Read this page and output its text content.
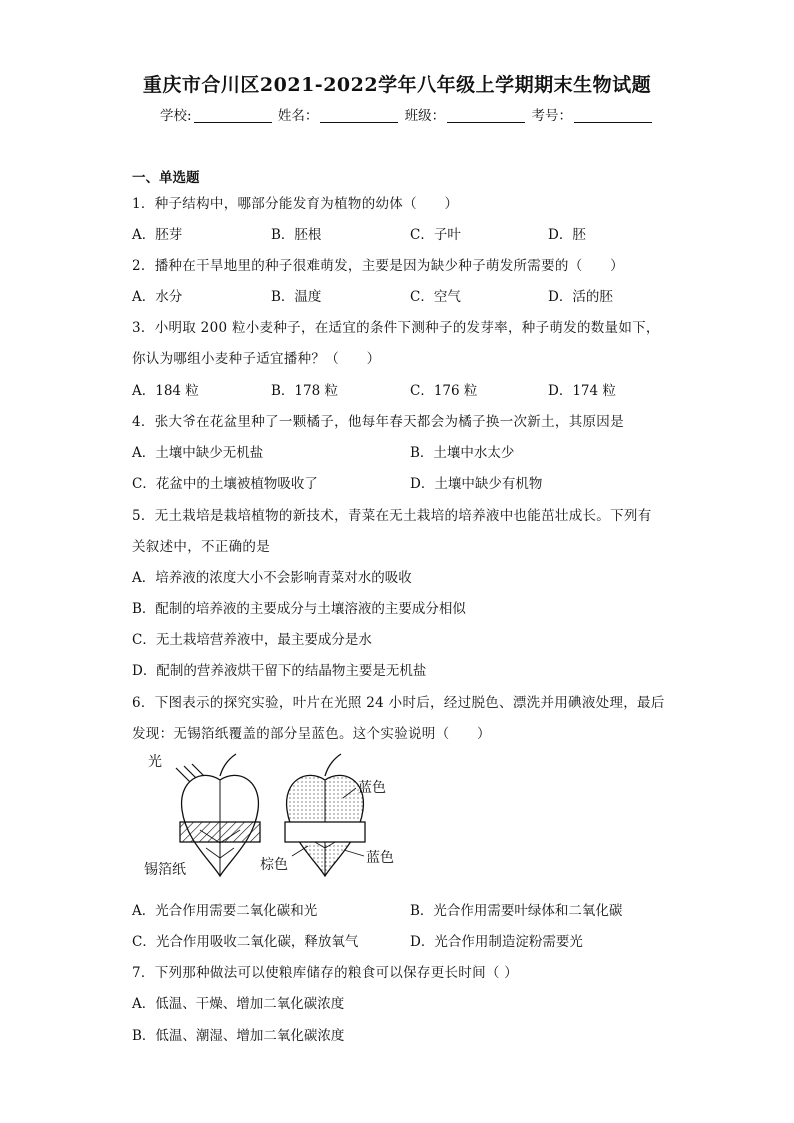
重庆市合川区2021-2022学年八年级上学期期末生物试题
学校:	姓名：	班级：	考号：
一、单选题
1．种子结构中，哪部分能发育为植物的幼体（　　）
A．胚芽	B．胚根	C．子叶	D．胚
2．播种在干旱地里的种子很难萌发，主要是因为缺少种子萌发所需要的（　　）
A．水分	B．温度	C．空气	D．活的胚
3．小明取 200 粒小麦种子，在适宜的条件下测种子的发芽率，种子萌发的数量如下，
你认为哪组小麦种子适宜播种？（　　）
A．184 粒	B．178 粒	C．176 粒	D．174 粒
4．张大爷在花盆里种了一颗橘子，他每年春天都会为橘子换一次新土，其原因是
A．土壤中缺少无机盐	B．土壤中水太少
C．花盆中的土壤被植物吸收了	D．土壤中缺少有机物
5．无土栽培是栽培植物的新技术，青菜在无土栽培的培养液中也能茁壮成长。下列有
关叙述中，不正确的是
A．培养液的浓度大小不会影响青菜对水的吸收
B．配制的培养液的主要成分与土壤溶液的主要成分相似
C．无土栽培营养液中，最主要成分是水
D．配制的营养液烘干留下的结晶物主要是无机盐
6．下图表示的探究实验，叶片在光照 24 小时后，经过脱色、漂洗并用碘液处理，最后
发现：无锡箔纸覆盖的部分呈蓝色。这个实验说明（　　）
光
锡箔纸
蓝色
棕色	蓝色
A．光合作用需要二氧化碳和光	B．光合作用需要叶绿体和二氧化碳
C．光合作用吸收二氧化碳，释放氧气	D．光合作用制造淀粉需要光
7．下列那种做法可以使粮库储存的粮食可以保存更长时间（ ）
A．低温、干燥、增加二氧化碳浓度
B．低温、潮湿、增加二氧化碳浓度
